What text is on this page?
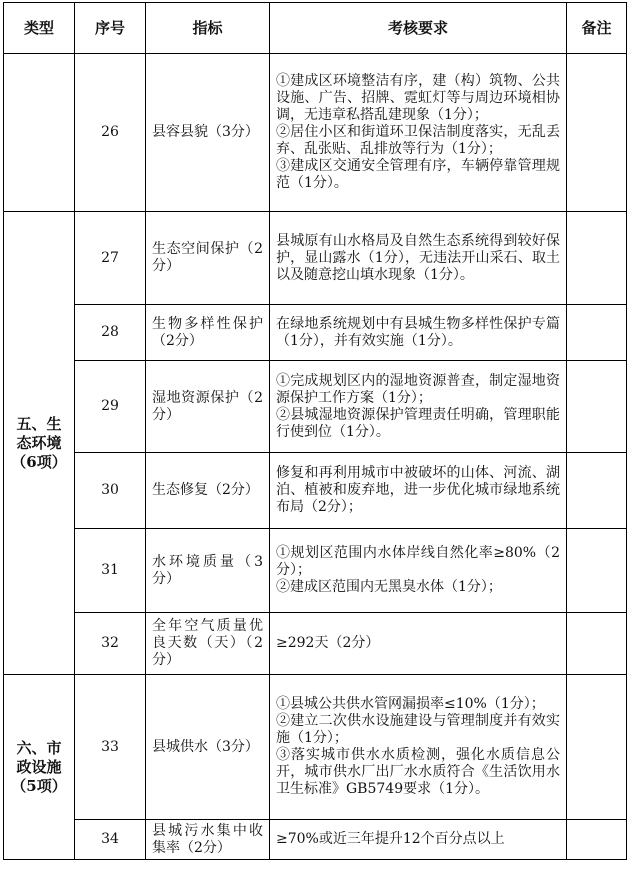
类型	序号	指标	考核要求	备注
	26	县容县貌（3分）	①建成区环境整洁有序，建（构）筑物、公共设施、广告、招牌、霓虹灯等与周边环境相协调，无违章私搭乱建现象（1分）；
②居住小区和街道环卫保洁制度落实，无乱丢弃、乱张贴、乱排放等行为（1分）；
③建成区交通安全管理有序，车辆停靠管理规范（1分）。	

五、生
态环境
（6项）	27	生态空间保护（2分）	县城原有山水格局及自然生态系统得到较好保护，显山露水（1分），无违法开山采石、取土以及随意挖山填水现象（1分）。	

	28	生物多样性保护（2分）	在绿地系统规划中有县城生物多样性保护专篇（1分），并有效实施（1分）。	

	29	湿地资源保护（2分）	①完成规划区内的湿地资源普查，制定湿地资源保护工作方案（1分）；
②县城湿地资源保护管理责任明确，管理职能行使到位（1分）。	

	30	生态修复（2分）	修复和再利用城市中被破坏的山体、河流、湖泊、植被和废弃地，进一步优化城市绿地系统布局（2分）；	

	31	水环境质量（3分）	①规划区范围内水体岸线自然化率≥80%（2分）；
②建成区范围内无黑臭水体（1分）；	

	32	全年空气质量优良天数（天）（2分）	≥292天（2分）	

六、市
政设施
（5项）	33	县城供水（3分）	①县城公共供水管网漏损率≤10%（1分）；
②建立二次供水设施建设与管理制度并有效实施（1分）；
③落实城市供水水质检测，强化水质信息公开，城市供水厂出厂水水质符合《生活饮用水卫生标准》GB5749要求（1分）。	

	34	县城污水集中收集率（2分）	≥70%或近三年提升12个百分点以上	
